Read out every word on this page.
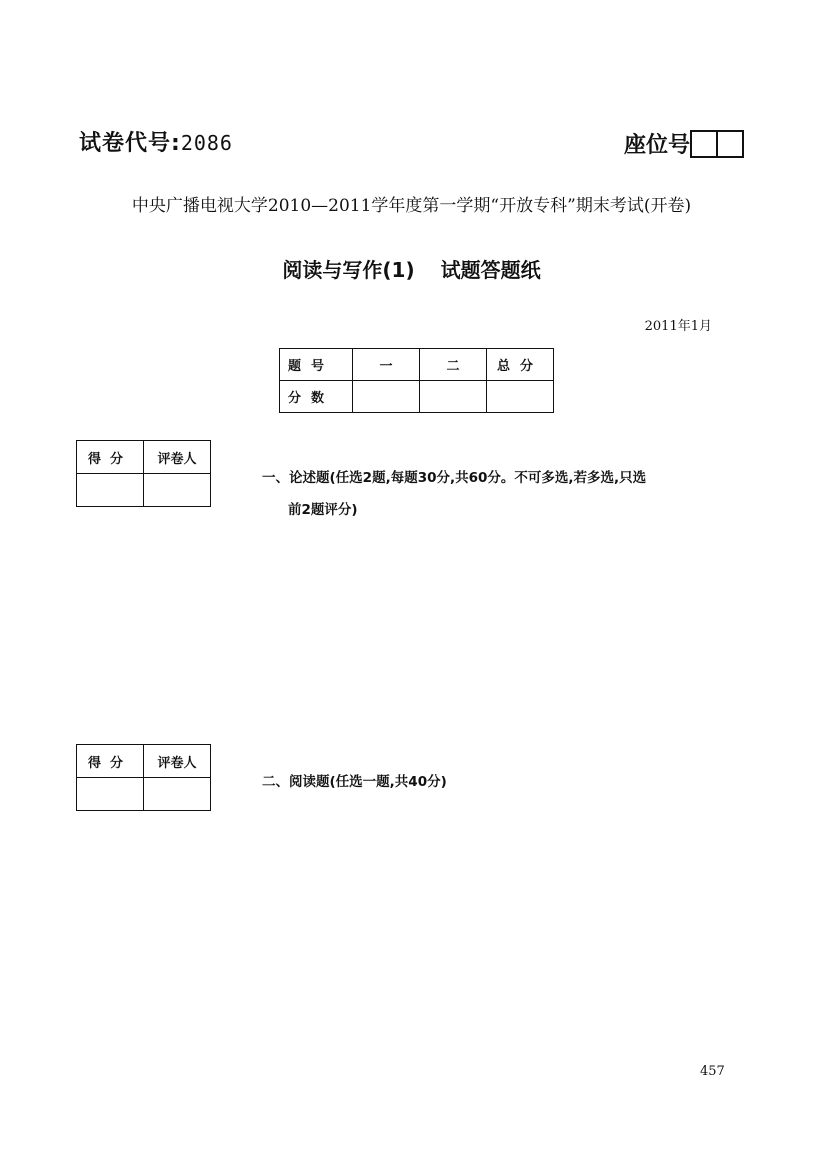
试卷代号:2086	座位号
中央广播电视大学2010—2011学年度第一学期“开放专科”期末考试(开卷)
阅读与写作(1) 试题答题纸
2011年1月
题号	一	二	总分
分数			
得分	评卷人

一、论述题(任选2题,每题30分,共60分。不可多选,若多选,只选
前2题评分)
得分	评卷人

二、阅读题(任选一题,共40分)
457
